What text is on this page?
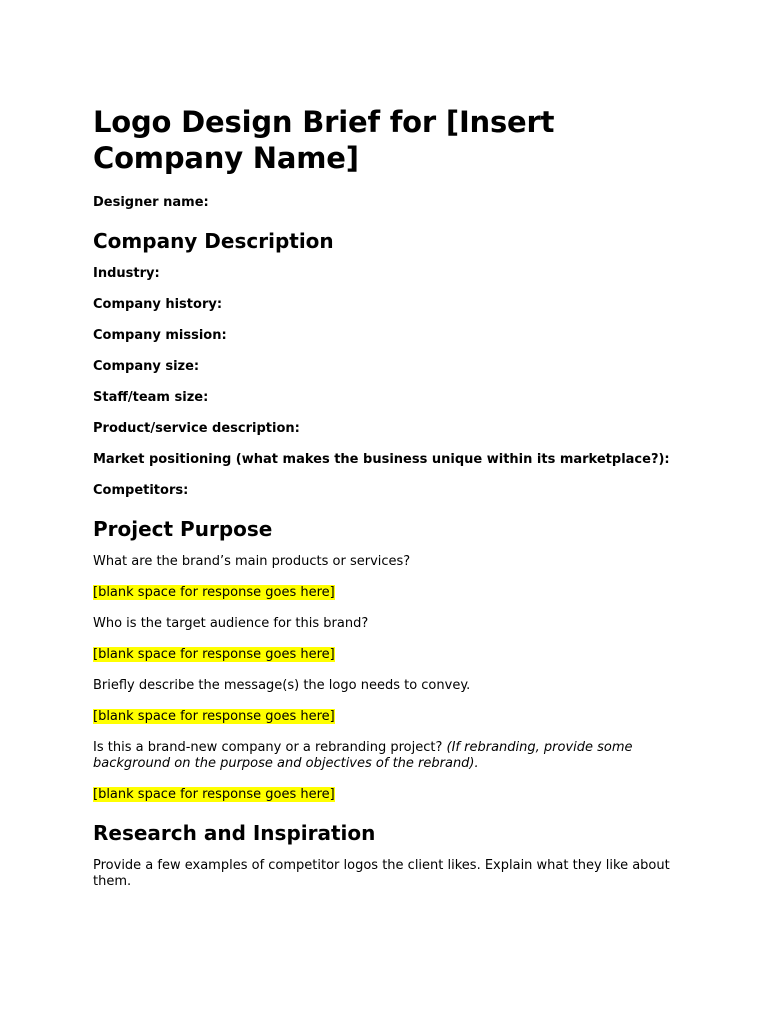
Logo Design Brief for [Insert Company Name]
Designer name:
Company Description
Industry:
Company history:
Company mission:
Company size:
Staff/team size:
Product/service description:
Market positioning (what makes the business unique within its marketplace?):
Competitors:
Project Purpose
What are the brand’s main products or services?
[blank space for response goes here]
Who is the target audience for this brand?
[blank space for response goes here]
Briefly describe the message(s) the logo needs to convey.
[blank space for response goes here]
Is this a brand-new company or a rebranding project? (If rebranding, provide some background on the purpose and objectives of the rebrand).
[blank space for response goes here]
Research and Inspiration
Provide a few examples of competitor logos the client likes. Explain what they like about them.
